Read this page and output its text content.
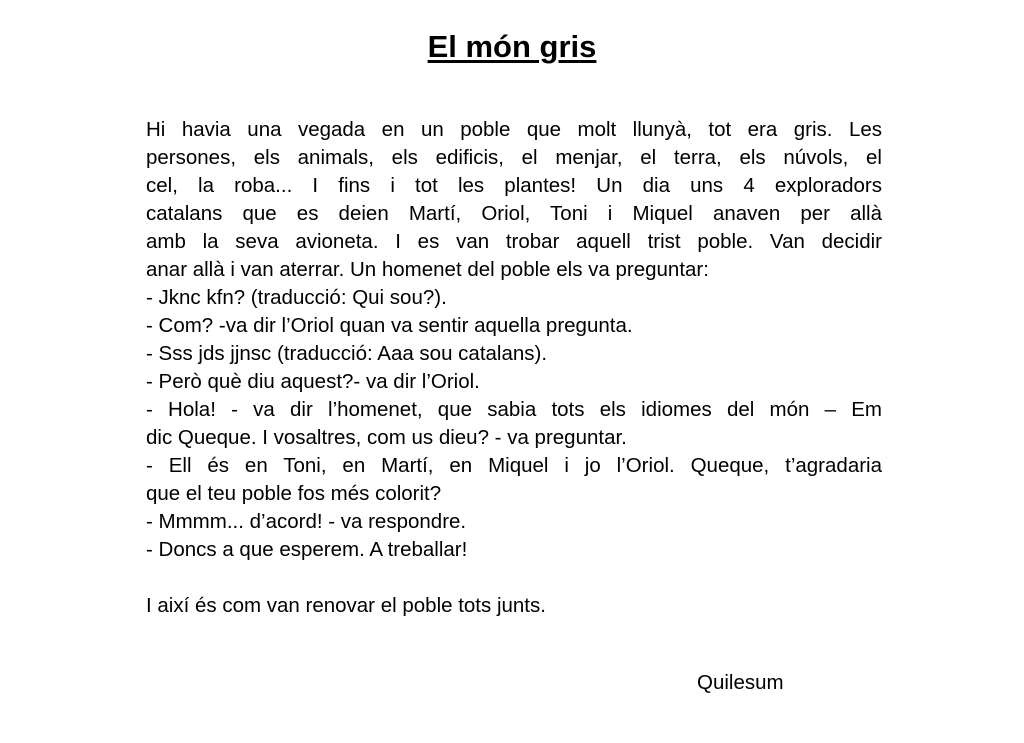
El món gris
Hi havia una vegada en un poble que molt llunyà, tot era gris. Les
persones, els animals, els edificis, el menjar, el terra, els núvols, el
cel, la roba... I fins i tot les plantes! Un dia uns 4 exploradors
catalans que es deien Martí, Oriol, Toni i Miquel anaven per allà
amb la seva avioneta. I es van trobar aquell trist poble. Van decidir
anar allà i van aterrar. Un homenet del poble els va preguntar:
- Jknc kfn? (traducció: Qui sou?).
- Com? -va dir l’Oriol quan va sentir aquella pregunta.
- Sss jds jjnsc (traducció: Aaa sou catalans).
- Però què diu aquest?- va dir l’Oriol.
- Hola! - va dir l’homenet, que sabia tots els idiomes del món – Em
dic Queque. I vosaltres, com us dieu? - va preguntar.
- Ell és en Toni, en Martí, en Miquel i jo l’Oriol. Queque, t’agradaria
que el teu poble fos més colorit?
- Mmmm... d’acord! - va respondre.
- Doncs a que esperem. A treballar!
I així és com van renovar el poble tots junts.
Quilesum
